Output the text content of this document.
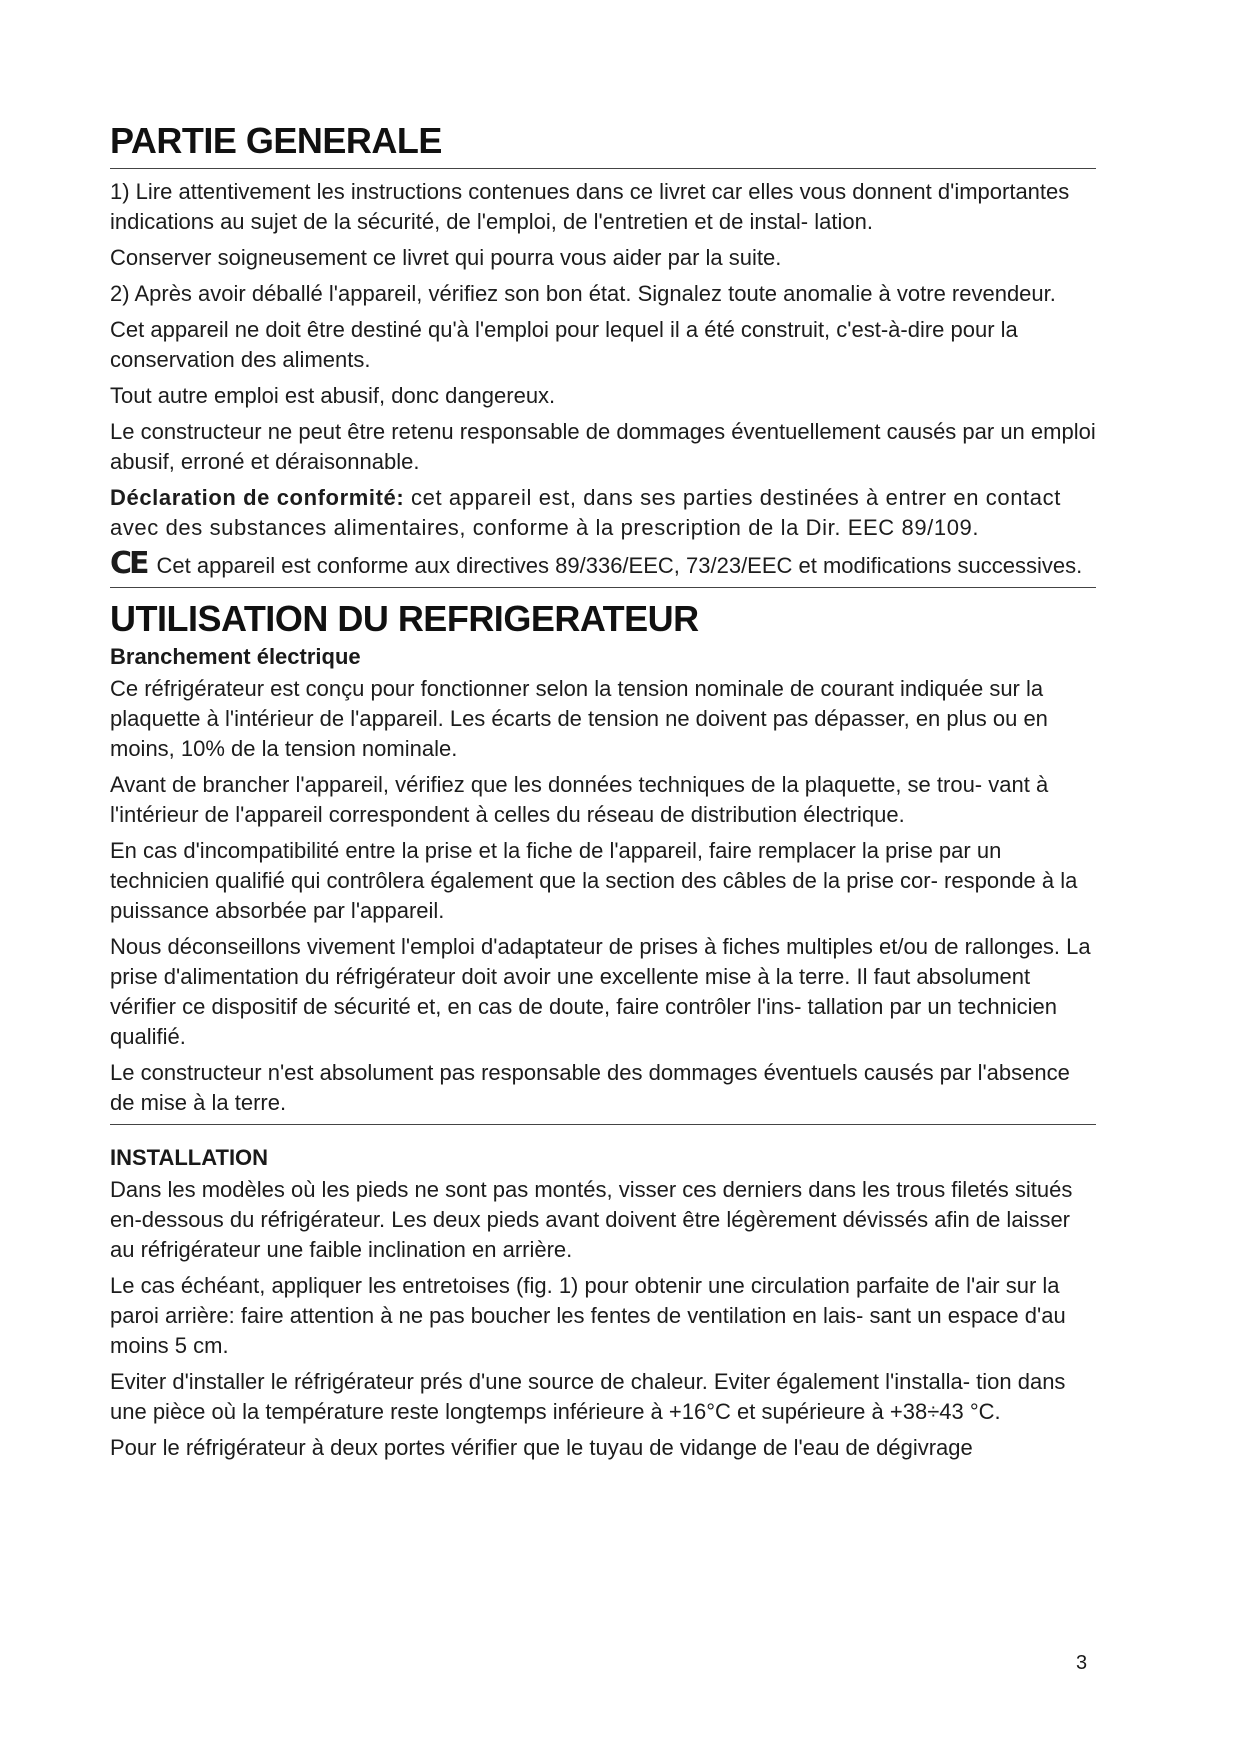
PARTIE GENERALE

1) Lire attentivement les instructions contenues dans ce livret car elles vous donnent d'importantes indications au sujet de la sécurité, de l'emploi, de l'entretien et de instal- lation.

Conserver soigneusement ce livret qui pourra vous aider par la suite.

2) Après avoir déballé l'appareil, vérifiez son bon état. Signalez toute anomalie à votre revendeur.

Cet appareil ne doit être destiné qu'à l'emploi pour lequel il a été construit, c'est-à-dire pour la conservation des aliments.

Tout autre emploi est abusif, donc dangereux.

Le constructeur ne peut être retenu responsable de dommages éventuellement causés par un emploi abusif, erroné et déraisonnable.

Déclaration de conformité: cet appareil est, dans ses parties destinées à entrer en contact avec des substances alimentaires, conforme à la prescription de la Dir. EEC 89/109.

CE Cet appareil est conforme aux directives 89/336/EEC, 73/23/EEC et modifications successives.

UTILISATION DU REFRIGERATEUR
Branchement électrique

Ce réfrigérateur est conçu pour fonctionner selon la tension nominale de courant indiquée sur la plaquette à l'intérieur de l'appareil. Les écarts de tension ne doivent pas dépasser, en plus ou en moins, 10% de la tension nominale.

Avant de brancher l'appareil, vérifiez que les données techniques de la plaquette, se trou- vant à l'intérieur de l'appareil correspondent à celles du réseau de distribution électrique.

En cas d'incompatibilité entre la prise et la fiche de l'appareil, faire remplacer la prise par un technicien qualifié qui contrôlera également que la section des câbles de la prise cor- responde à la puissance absorbée par l'appareil.

Nous déconseillons vivement l'emploi d'adaptateur de prises à fiches multiples et/ou de rallonges. La prise d'alimentation du réfrigérateur doit avoir une excellente mise à la terre. Il faut absolument vérifier ce dispositif de sécurité et, en cas de doute, faire contrôler l'ins- tallation par un technicien qualifié.

Le constructeur n'est absolument pas responsable des dommages éventuels causés par l'absence de mise à la terre.

INSTALLATION

Dans les modèles où les pieds ne sont pas montés, visser ces derniers dans les trous filetés situés en-dessous du réfrigérateur. Les deux pieds avant doivent être légèrement dévissés afin de laisser au réfrigérateur une faible inclination en arrière.

Le cas échéant, appliquer les entretoises (fig. 1) pour obtenir une circulation parfaite de l'air sur la paroi arrière: faire attention à ne pas boucher les fentes de ventilation en lais- sant un espace d'au moins 5 cm.

Eviter d'installer le réfrigérateur prés d'une source de chaleur. Eviter également l'installa- tion dans une pièce où la température reste longtemps inférieure à +16°C et supérieure à +38÷43 °C.

Pour le réfrigérateur à deux portes vérifier que le tuyau de vidange de l'eau de dégivrage

3
